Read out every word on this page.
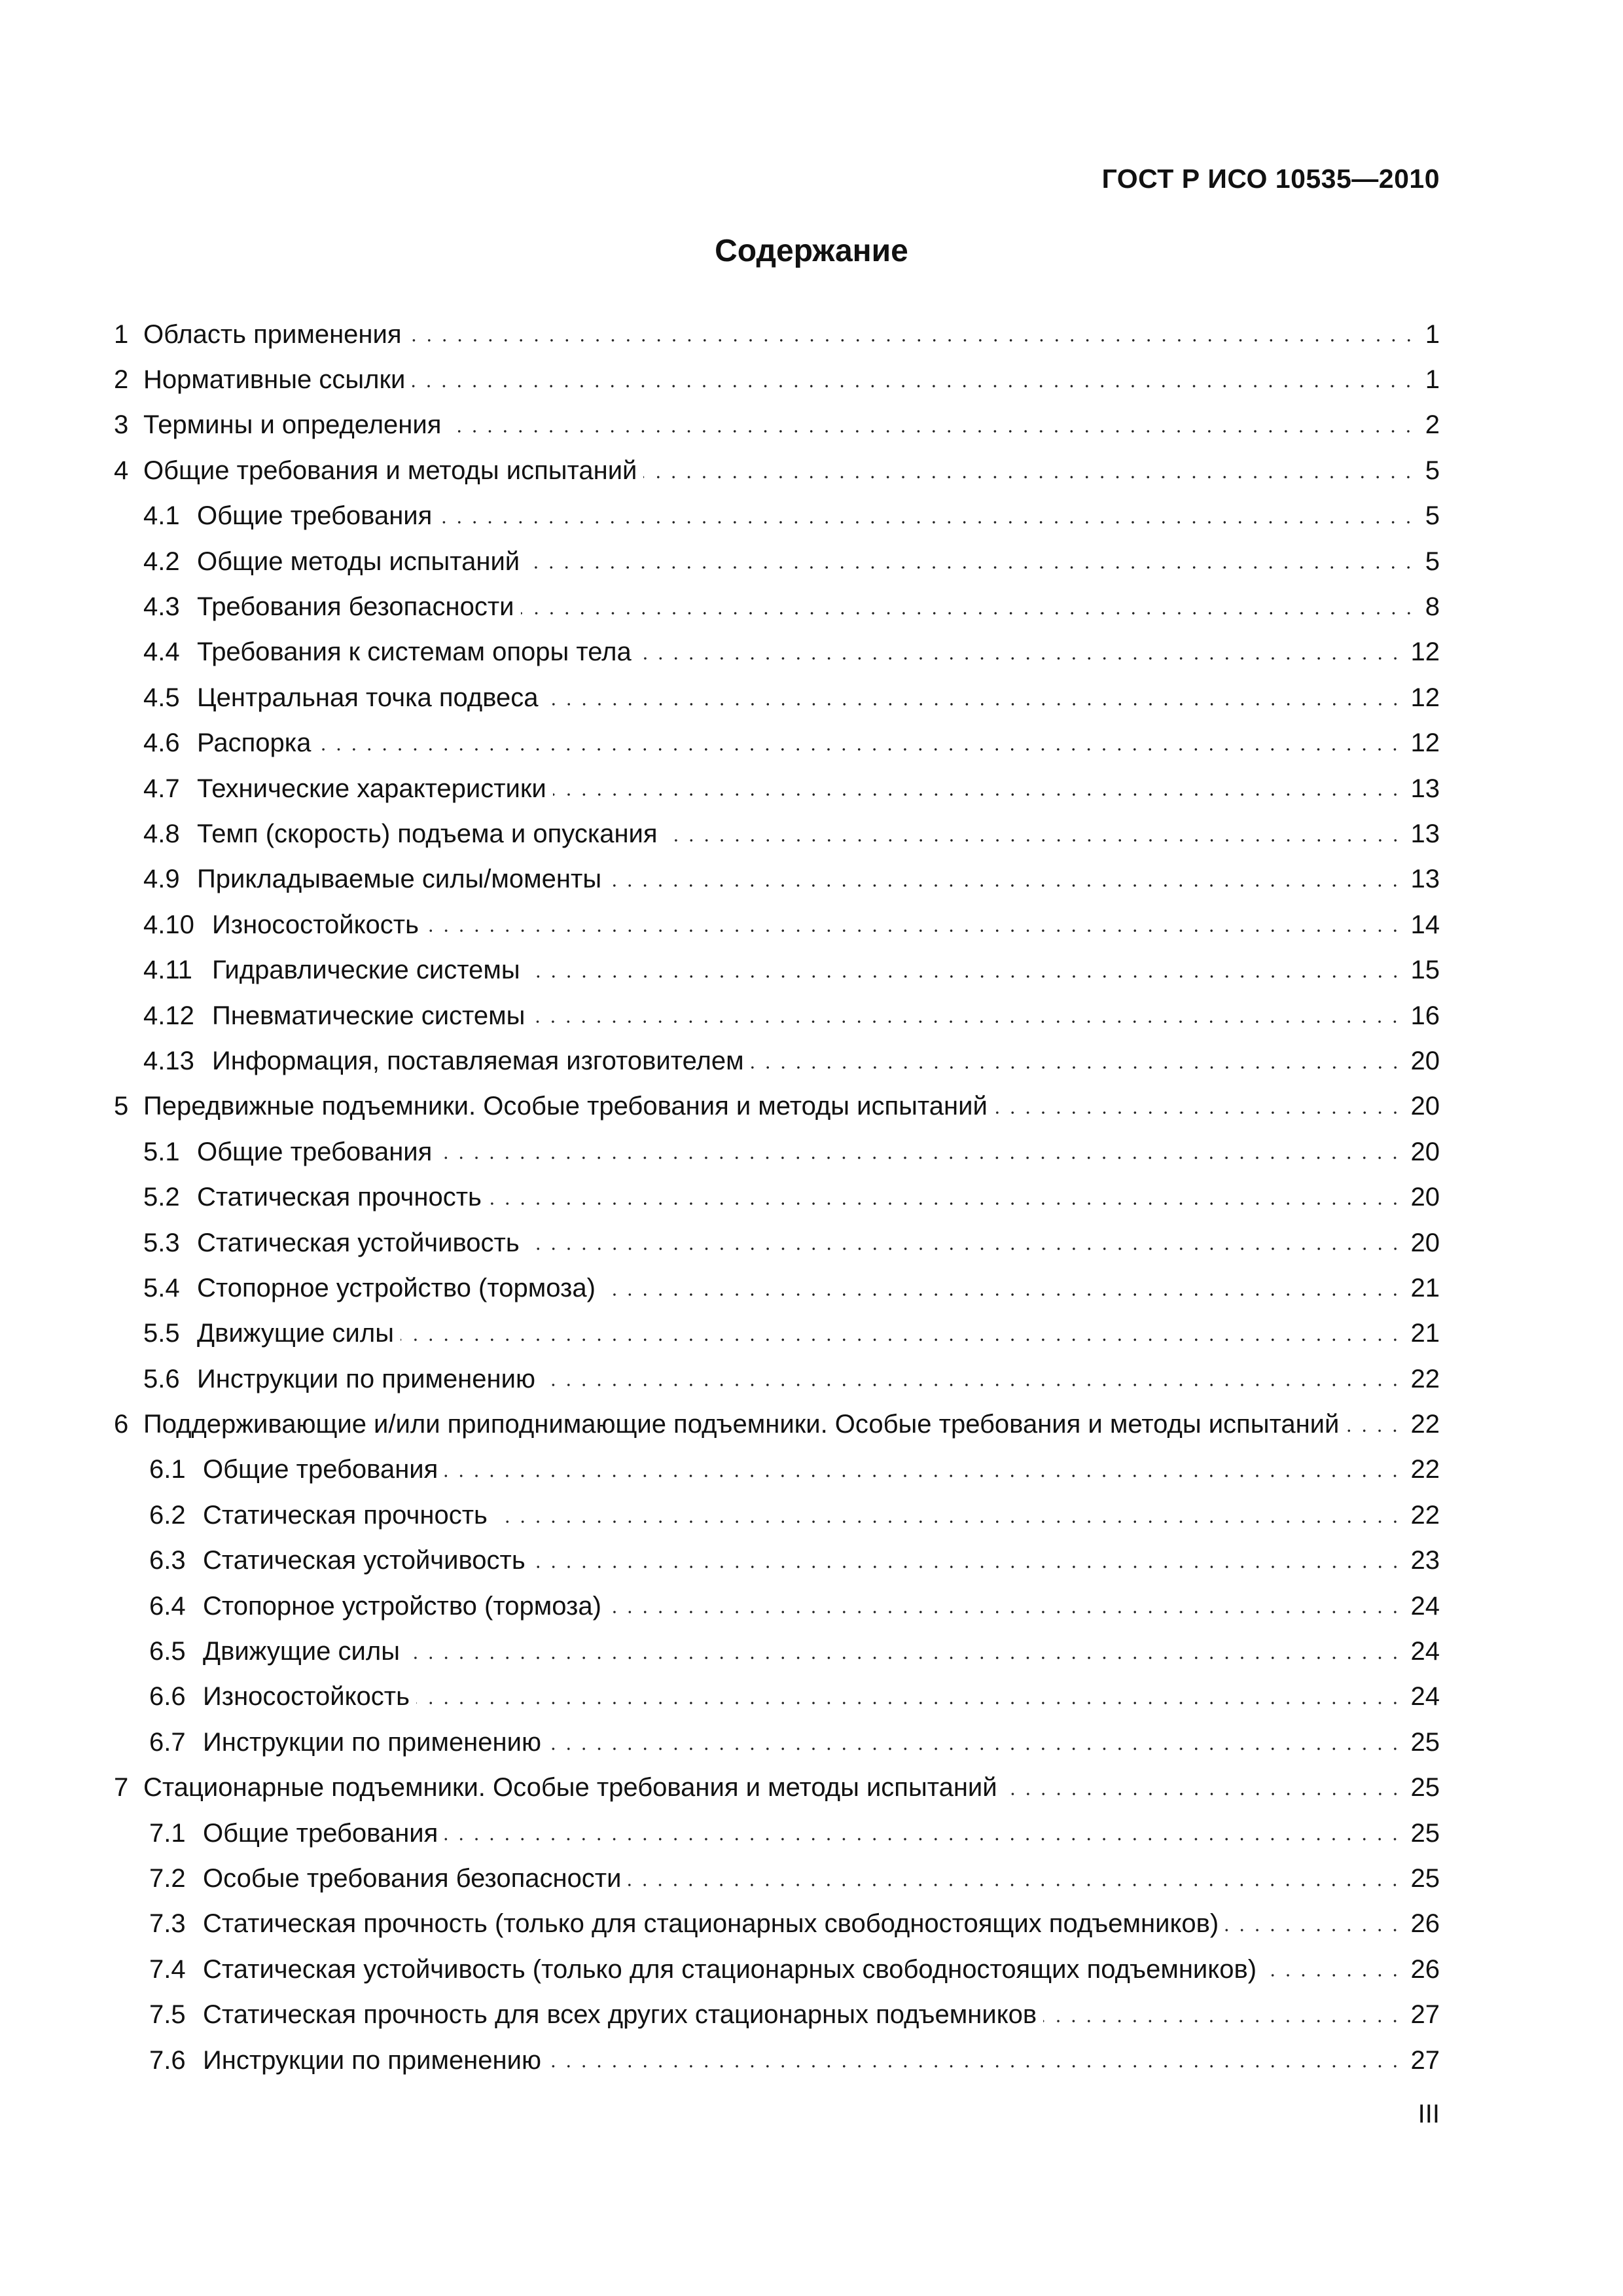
ГОСТ Р ИСО 10535—2010
Содержание
1 Область применения	1
2 Нормативные ссылки	1
3 Термины и определения	2
4 Общие требования и методы испытаний	5
4.1 Общие требования	5
4.2 Общие методы испытаний	5
4.3 Требования безопасности	8
4.4 Требования к системам опоры тела	12
4.5 Центральная точка подвеса	12
4.6 Распорка	12
4.7 Технические характеристики	13
4.8 Темп (скорость) подъема и опускания	13
4.9 Прикладываемые силы/моменты	13
4.10 Износостойкость	14
4.11 Гидравлические системы	15
4.12 Пневматические системы	16
4.13 Информация, поставляемая изготовителем	20
5 Передвижные подъемники. Особые требования и методы испытаний	20
5.1 Общие требования	20
5.2 Статическая прочность	20
5.3 Статическая устойчивость	20
5.4 Стопорное устройство (тормоза)	21
5.5 Движущие силы	21
5.6 Инструкции по применению	22
6 Поддерживающие и/или приподнимающие подъемники. Особые требования и методы испытаний	22
6.1 Общие требования	22
6.2 Статическая прочность	22
6.3 Статическая устойчивость	23
6.4 Стопорное устройство (тормоза)	24
6.5 Движущие силы	24
6.6 Износостойкость	24
6.7 Инструкции по применению	25
7 Стационарные подъемники. Особые требования и методы испытаний	25
7.1 Общие требования	25
7.2 Особые требования безопасности	25
7.3 Статическая прочность (только для стационарных свободностоящих подъемников)	26
7.4 Статическая устойчивость (только для стационарных свободностоящих подъемников)	26
7.5 Статическая прочность для всех других стационарных подъемников	27
7.6 Инструкции по применению	27
III
